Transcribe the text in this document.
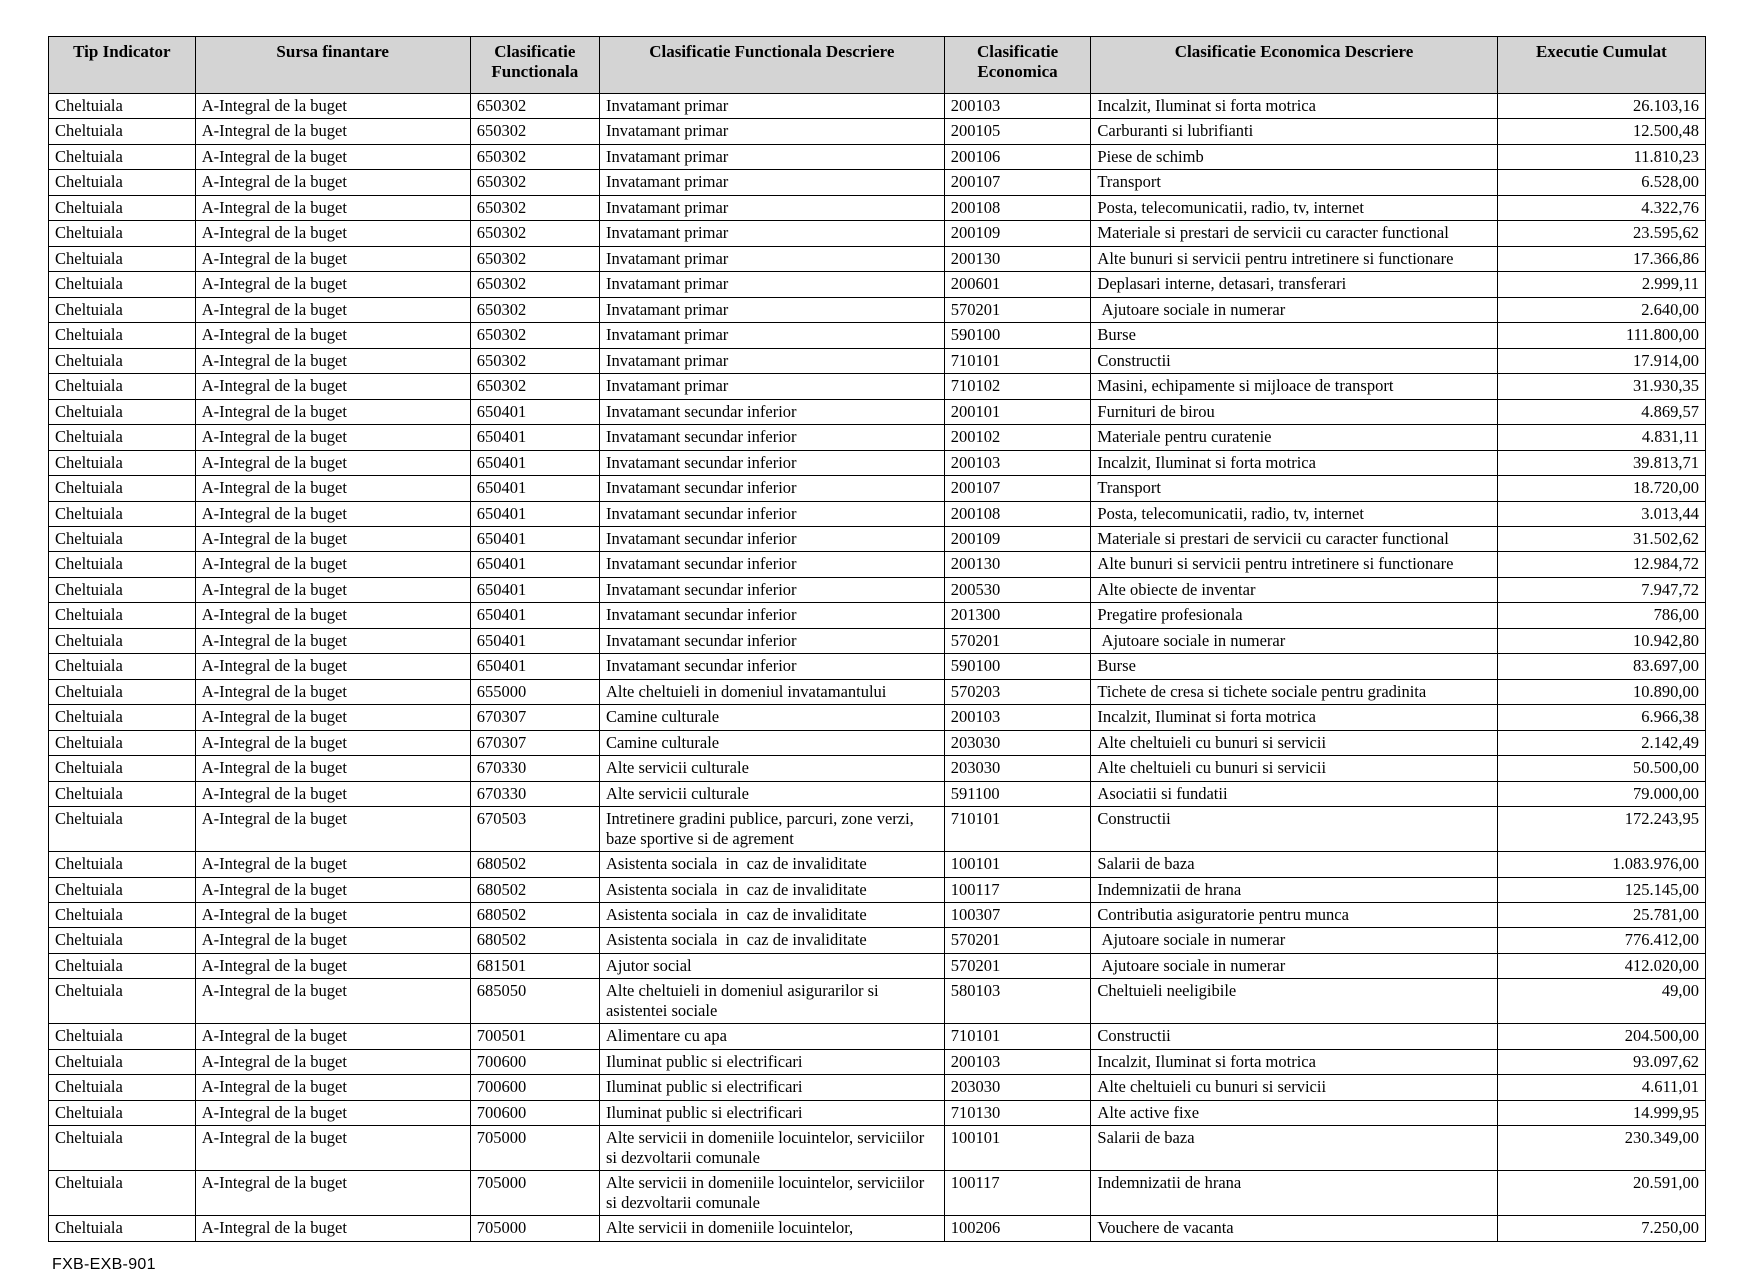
Tip Indicator	Sursa finantare	Clasificatie Functionala	Clasificatie Functionala Descriere	Clasificatie Economica	Clasificatie Economica Descriere	Executie Cumulat
Cheltuiala	A-Integral de la buget	650302	Invatamant primar	200103	Incalzit, Iluminat si forta motrica	26.103,16
Cheltuiala	A-Integral de la buget	650302	Invatamant primar	200105	Carburanti si lubrifianti	12.500,48
Cheltuiala	A-Integral de la buget	650302	Invatamant primar	200106	Piese de schimb	11.810,23
Cheltuiala	A-Integral de la buget	650302	Invatamant primar	200107	Transport	6.528,00
Cheltuiala	A-Integral de la buget	650302	Invatamant primar	200108	Posta, telecomunicatii, radio, tv, internet	4.322,76
Cheltuiala	A-Integral de la buget	650302	Invatamant primar	200109	Materiale si prestari de servicii cu caracter functional	23.595,62
Cheltuiala	A-Integral de la buget	650302	Invatamant primar	200130	Alte bunuri si servicii pentru intretinere si functionare	17.366,86
Cheltuiala	A-Integral de la buget	650302	Invatamant primar	200601	Deplasari interne, detasari, transferari	2.999,11
Cheltuiala	A-Integral de la buget	650302	Invatamant primar	570201	Ajutoare sociale in numerar	2.640,00
Cheltuiala	A-Integral de la buget	650302	Invatamant primar	590100	Burse	111.800,00
Cheltuiala	A-Integral de la buget	650302	Invatamant primar	710101	Constructii	17.914,00
Cheltuiala	A-Integral de la buget	650302	Invatamant primar	710102	Masini, echipamente si mijloace de transport	31.930,35
Cheltuiala	A-Integral de la buget	650401	Invatamant secundar inferior	200101	Furnituri de birou	4.869,57
Cheltuiala	A-Integral de la buget	650401	Invatamant secundar inferior	200102	Materiale pentru curatenie	4.831,11
Cheltuiala	A-Integral de la buget	650401	Invatamant secundar inferior	200103	Incalzit, Iluminat si forta motrica	39.813,71
Cheltuiala	A-Integral de la buget	650401	Invatamant secundar inferior	200107	Transport	18.720,00
Cheltuiala	A-Integral de la buget	650401	Invatamant secundar inferior	200108	Posta, telecomunicatii, radio, tv, internet	3.013,44
Cheltuiala	A-Integral de la buget	650401	Invatamant secundar inferior	200109	Materiale si prestari de servicii cu caracter functional	31.502,62
Cheltuiala	A-Integral de la buget	650401	Invatamant secundar inferior	200130	Alte bunuri si servicii pentru intretinere si functionare	12.984,72
Cheltuiala	A-Integral de la buget	650401	Invatamant secundar inferior	200530	Alte obiecte de inventar	7.947,72
Cheltuiala	A-Integral de la buget	650401	Invatamant secundar inferior	201300	Pregatire profesionala	786,00
Cheltuiala	A-Integral de la buget	650401	Invatamant secundar inferior	570201	Ajutoare sociale in numerar	10.942,80
Cheltuiala	A-Integral de la buget	650401	Invatamant secundar inferior	590100	Burse	83.697,00
Cheltuiala	A-Integral de la buget	655000	Alte cheltuieli in domeniul invatamantului	570203	Tichete de cresa si tichete sociale pentru gradinita	10.890,00
Cheltuiala	A-Integral de la buget	670307	Camine culturale	200103	Incalzit, Iluminat si forta motrica	6.966,38
Cheltuiala	A-Integral de la buget	670307	Camine culturale	203030	Alte cheltuieli cu bunuri si servicii	2.142,49
Cheltuiala	A-Integral de la buget	670330	Alte servicii culturale	203030	Alte cheltuieli cu bunuri si servicii	50.500,00
Cheltuiala	A-Integral de la buget	670330	Alte servicii culturale	591100	Asociatii si fundatii	79.000,00
Cheltuiala	A-Integral de la buget	670503	Intretinere gradini publice, parcuri, zone verzi, baze sportive si de agrement	710101	Constructii	172.243,95
Cheltuiala	A-Integral de la buget	680502	Asistenta sociala  in  caz de invaliditate	100101	Salarii de baza	1.083.976,00
Cheltuiala	A-Integral de la buget	680502	Asistenta sociala  in  caz de invaliditate	100117	Indemnizatii de hrana	125.145,00
Cheltuiala	A-Integral de la buget	680502	Asistenta sociala  in  caz de invaliditate	100307	Contributia asiguratorie pentru munca	25.781,00
Cheltuiala	A-Integral de la buget	680502	Asistenta sociala  in  caz de invaliditate	570201	Ajutoare sociale in numerar	776.412,00
Cheltuiala	A-Integral de la buget	681501	Ajutor social	570201	Ajutoare sociale in numerar	412.020,00
Cheltuiala	A-Integral de la buget	685050	Alte cheltuieli in domeniul asigurarilor si asistentei sociale	580103	Cheltuieli neeligibile	49,00
Cheltuiala	A-Integral de la buget	700501	Alimentare cu apa	710101	Constructii	204.500,00
Cheltuiala	A-Integral de la buget	700600	Iluminat public si electrificari	200103	Incalzit, Iluminat si forta motrica	93.097,62
Cheltuiala	A-Integral de la buget	700600	Iluminat public si electrificari	203030	Alte cheltuieli cu bunuri si servicii	4.611,01
Cheltuiala	A-Integral de la buget	700600	Iluminat public si electrificari	710130	Alte active fixe	14.999,95
Cheltuiala	A-Integral de la buget	705000	Alte servicii in domeniile locuintelor, serviciilor si dezvoltarii comunale	100101	Salarii de baza	230.349,00
Cheltuiala	A-Integral de la buget	705000	Alte servicii in domeniile locuintelor, serviciilor si dezvoltarii comunale	100117	Indemnizatii de hrana	20.591,00
Cheltuiala	A-Integral de la buget	705000	Alte servicii in domeniile locuintelor,	100206	Vouchere de vacanta	7.250,00
FXB-EXB-901
